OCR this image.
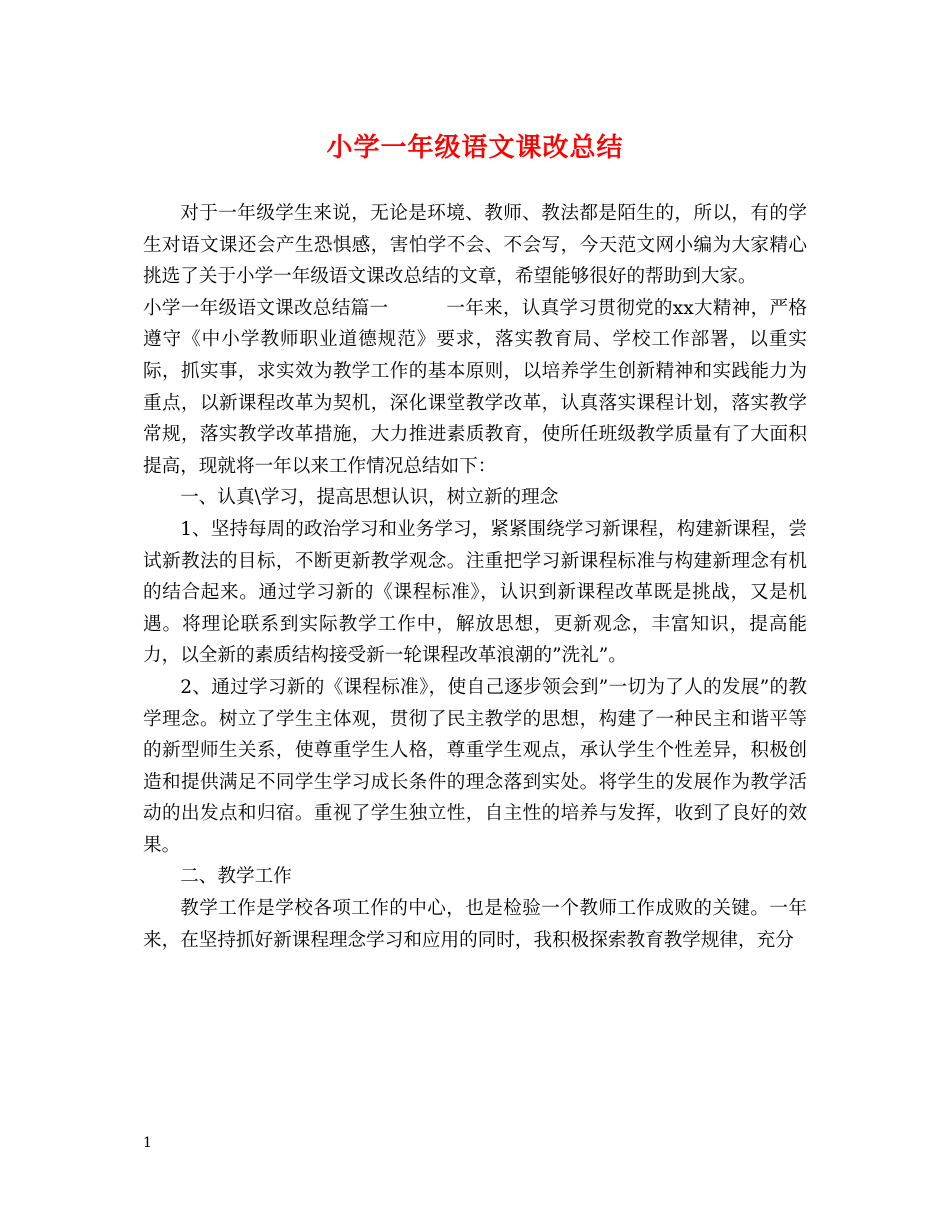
小学一年级语文课改总结

对于一年级学生来说，无论是环境、教师、教法都是陌生的，所以，有的学生对语文课还会产生恐惧感，害怕学不会、不会写，今天范文网小编为大家精心挑选了关于小学一年级语文课改总结的文章，希望能够很好的帮助到大家。

小学一年级语文课改总结篇一	一年来，认真学习贯彻党的xx大精神，严格遵守《中小学教师职业道德规范》要求，落实教育局、学校工作部署，以重实际，抓实事，求实效为教学工作的基本原则，以培养学生创新精神和实践能力为重点，以新课程改革为契机，深化课堂教学改革，认真落实课程计划，落实教学常规，落实教学改革措施，大力推进素质教育，使所任班级教学质量有了大面积提高，现就将一年以来工作情况总结如下：

一、认真\学习，提高思想认识，树立新的理念

1、坚持每周的政治学习和业务学习，紧紧围绕学习新课程，构建新课程，尝试新教法的目标，不断更新教学观念。注重把学习新课程标准与构建新理念有机的结合起来。通过学习新的《课程标准》，认识到新课程改革既是挑战，又是机遇。将理论联系到实际教学工作中，解放思想，更新观念，丰富知识，提高能力，以全新的素质结构接受新一轮课程改革浪潮的”洗礼”。

2、通过学习新的《课程标准》，使自己逐步领会到”一切为了人的发展”的教学理念。树立了学生主体观，贯彻了民主教学的思想，构建了一种民主和谐平等的新型师生关系，使尊重学生人格，尊重学生观点，承认学生个性差异，积极创造和提供满足不同学生学习成长条件的理念落到实处。将学生的发展作为教学活动的出发点和归宿。重视了学生独立性，自主性的培养与发挥，收到了良好的效果。

二、教学工作

教学工作是学校各项工作的中心，也是检验一个教师工作成败的关键。一年来，在坚持抓好新课程理念学习和应用的同时，我积极探索教育教学规律，充分

1
